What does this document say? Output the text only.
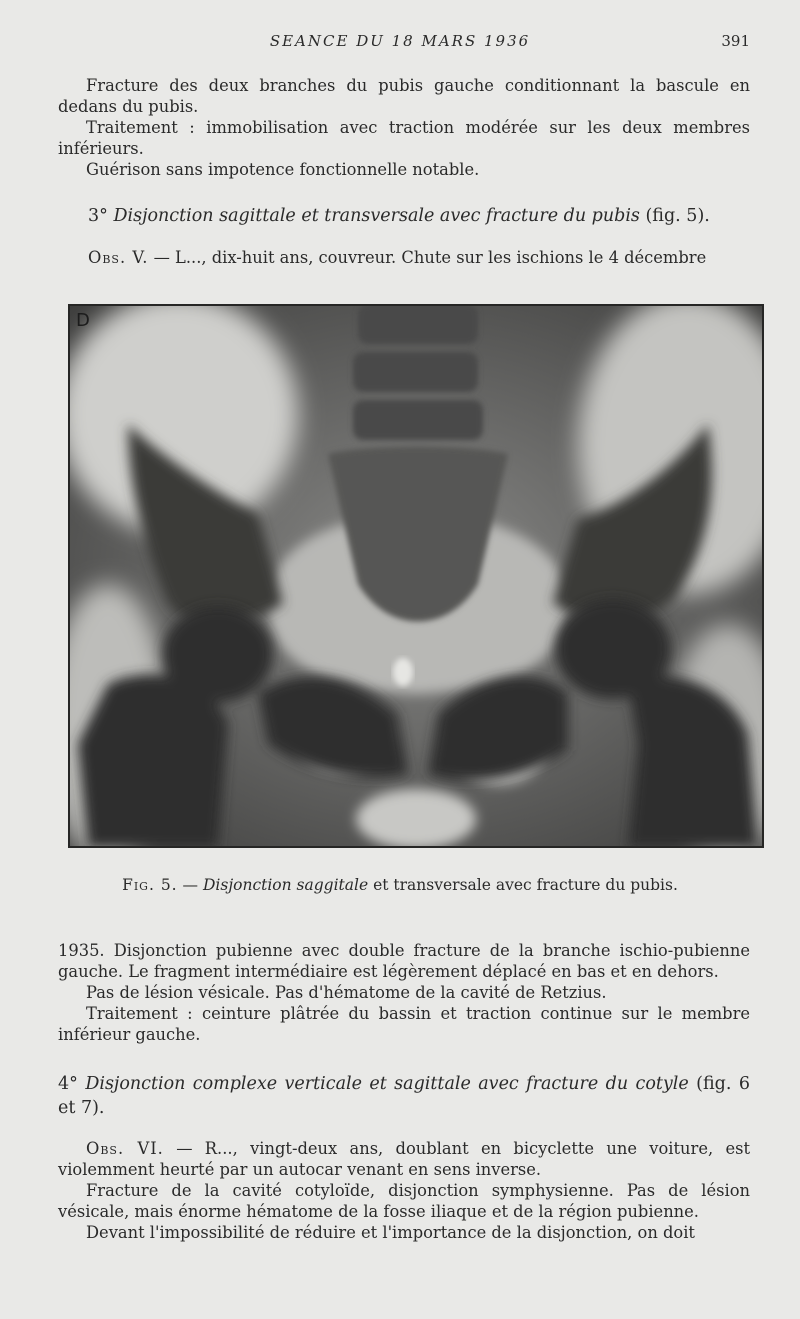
SEANCE DU 18 MARS 1936	391

Fracture des deux branches du pubis gauche conditionnant la bascule en dedans du pubis.

Traitement : immobilisation avec traction modérée sur les deux membres inférieurs.

Guérison sans impotence fonctionnelle notable.

3° Disjonction sagittale et transversale avec fracture du pubis (fig. 5).
Obs. V. — L..., dix-huit ans, couvreur. Chute sur les ischions le 4 décembre
D
Fig. 5. — Disjonction saggitale et transversale avec fracture du pubis.

1935. Disjonction pubienne avec double fracture de la branche ischio-pubienne gauche. Le fragment intermédiaire est légèrement déplacé en bas et en dehors.

Pas de lésion vésicale. Pas d'hématome de la cavité de Retzius.

Traitement : ceinture plâtrée du bassin et traction continue sur le membre inférieur gauche.

4° Disjonction complexe verticale et sagittale avec fracture du cotyle (fig. 6 et 7).

Obs. VI. — R..., vingt-deux ans, doublant en bicyclette une voiture, est violemment heurté par un autocar venant en sens inverse.

Fracture de la cavité cotyloïde, disjonction symphysienne. Pas de lésion vésicale, mais énorme hématome de la fosse iliaque et de la région pubienne.

Devant l'impossibilité de réduire et l'importance de la disjonction, on doit
